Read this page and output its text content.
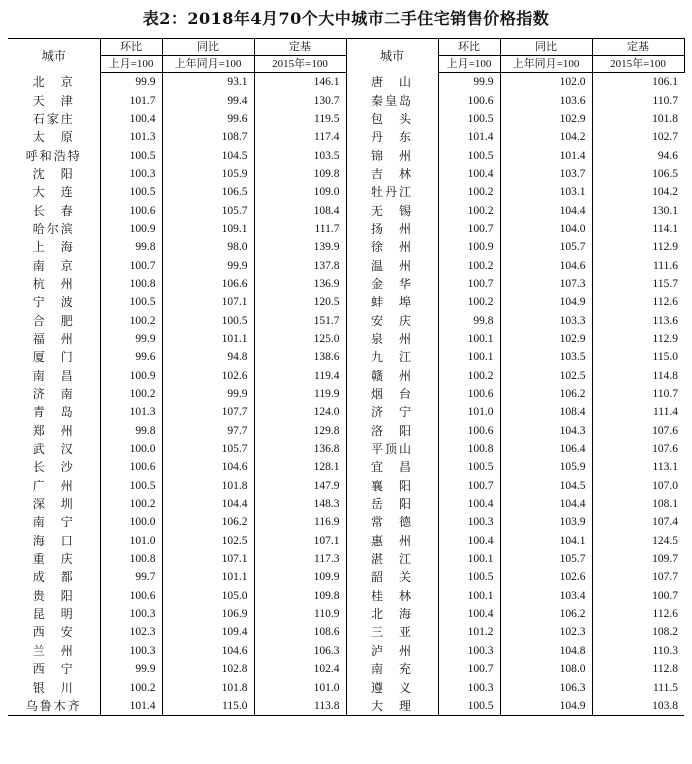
表2：2018年4月70个大中城市二手住宅销售价格指数
城市	环比	同比	定基	城市	环比	同比	定基
	上月=100	上年同月=100	2015年=100		上月=100	上年同月=100	2015年=100
北　京	99.9	93.1	146.1	唐　山	99.9	102.0	106.1
天　津	101.7	99.4	130.7	秦皇岛	100.6	103.6	110.7
石家庄	100.4	99.6	119.5	包　头	100.5	102.9	101.8
太　原	101.3	108.7	117.4	丹　东	101.4	104.2	102.7
呼和浩特	100.5	104.5	103.5	锦　州	100.5	101.4	94.6
沈　阳	100.3	105.9	109.8	吉　林	100.4	103.7	106.5
大　连	100.5	106.5	109.0	牡丹江	100.2	103.1	104.2
长　春	100.6	105.7	108.4	无　锡	100.2	104.4	130.1
哈尔滨	100.9	109.1	111.7	扬　州	100.7	104.0	114.1
上　海	99.8	98.0	139.9	徐　州	100.9	105.7	112.9
南　京	100.7	99.9	137.8	温　州	100.2	104.6	111.6
杭　州	100.8	106.6	136.9	金　华	100.7	107.3	115.7
宁　波	100.5	107.1	120.5	蚌　埠	100.2	104.9	112.6
合　肥	100.2	100.5	151.7	安　庆	99.8	103.3	113.6
福　州	99.9	101.1	125.0	泉　州	100.1	102.9	112.9
厦　门	99.6	94.8	138.6	九　江	100.1	103.5	115.0
南　昌	100.9	102.6	119.4	赣　州	100.2	102.5	114.8
济　南	100.2	99.9	119.9	烟　台	100.6	106.2	110.7
青　岛	101.3	107.7	124.0	济　宁	101.0	108.4	111.4
郑　州	99.8	97.7	129.8	洛　阳	100.6	104.3	107.6
武　汉	100.0	105.7	136.8	平顶山	100.8	106.4	107.6
长　沙	100.6	104.6	128.1	宜　昌	100.5	105.9	113.1
广　州	100.5	101.8	147.9	襄　阳	100.7	104.5	107.0
深　圳	100.2	104.4	148.3	岳　阳	100.4	104.4	108.1
南　宁	100.0	106.2	116.9	常　德	100.3	103.9	107.4
海　口	101.0	102.5	107.1	惠　州	100.4	104.1	124.5
重　庆	100.8	107.1	117.3	湛　江	100.1	105.7	109.7
成　都	99.7	101.1	109.9	韶　关	100.5	102.6	107.7
贵　阳	100.6	105.0	109.8	桂　林	100.1	103.4	100.7
昆　明	100.3	106.9	110.9	北　海	100.4	106.2	112.6
西　安	102.3	109.4	108.6	三　亚	101.2	102.3	108.2
兰　州	100.3	104.6	106.3	泸　州	100.3	104.8	110.3
西　宁	99.9	102.8	102.4	南　充	100.7	108.0	112.8
银　川	100.2	101.8	101.0	遵　义	100.3	106.3	111.5
乌鲁木齐	101.4	115.0	113.8	大　理	100.5	104.9	103.8
